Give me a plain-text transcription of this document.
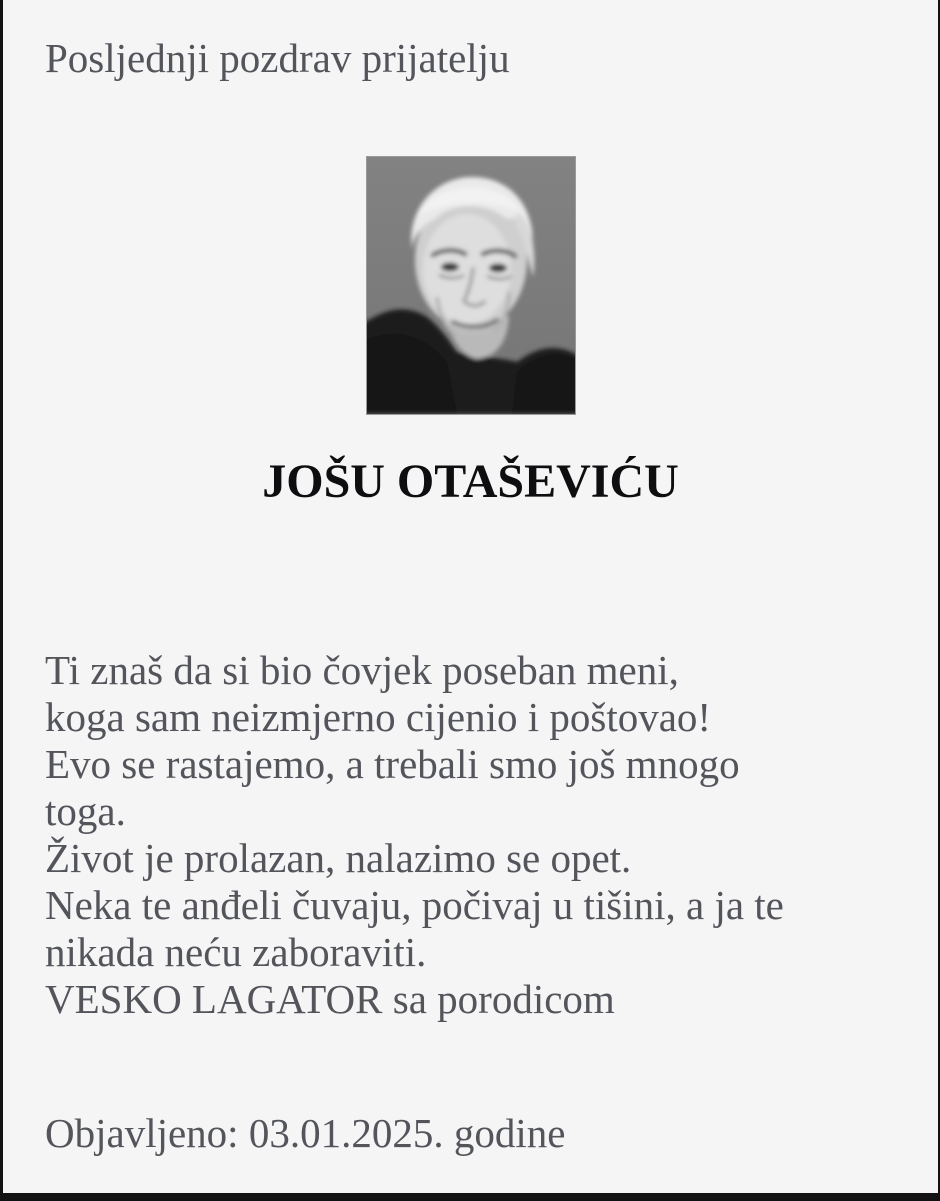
Posljednji pozdrav prijatelju
JOŠU OTAŠEVIĆU
Ti znaš da si bio čovjek poseban meni,
koga sam neizmjerno cijenio i poštovao!
Evo se rastajemo, a trebali smo još mnogo
toga.
Život je prolazan, nalazimo se opet.
Neka te anđeli čuvaju, počivaj u tišini, a ja te
nikada neću zaboraviti.
VESKO LAGATOR sa porodicom
Objavljeno: 03.01.2025. godine
